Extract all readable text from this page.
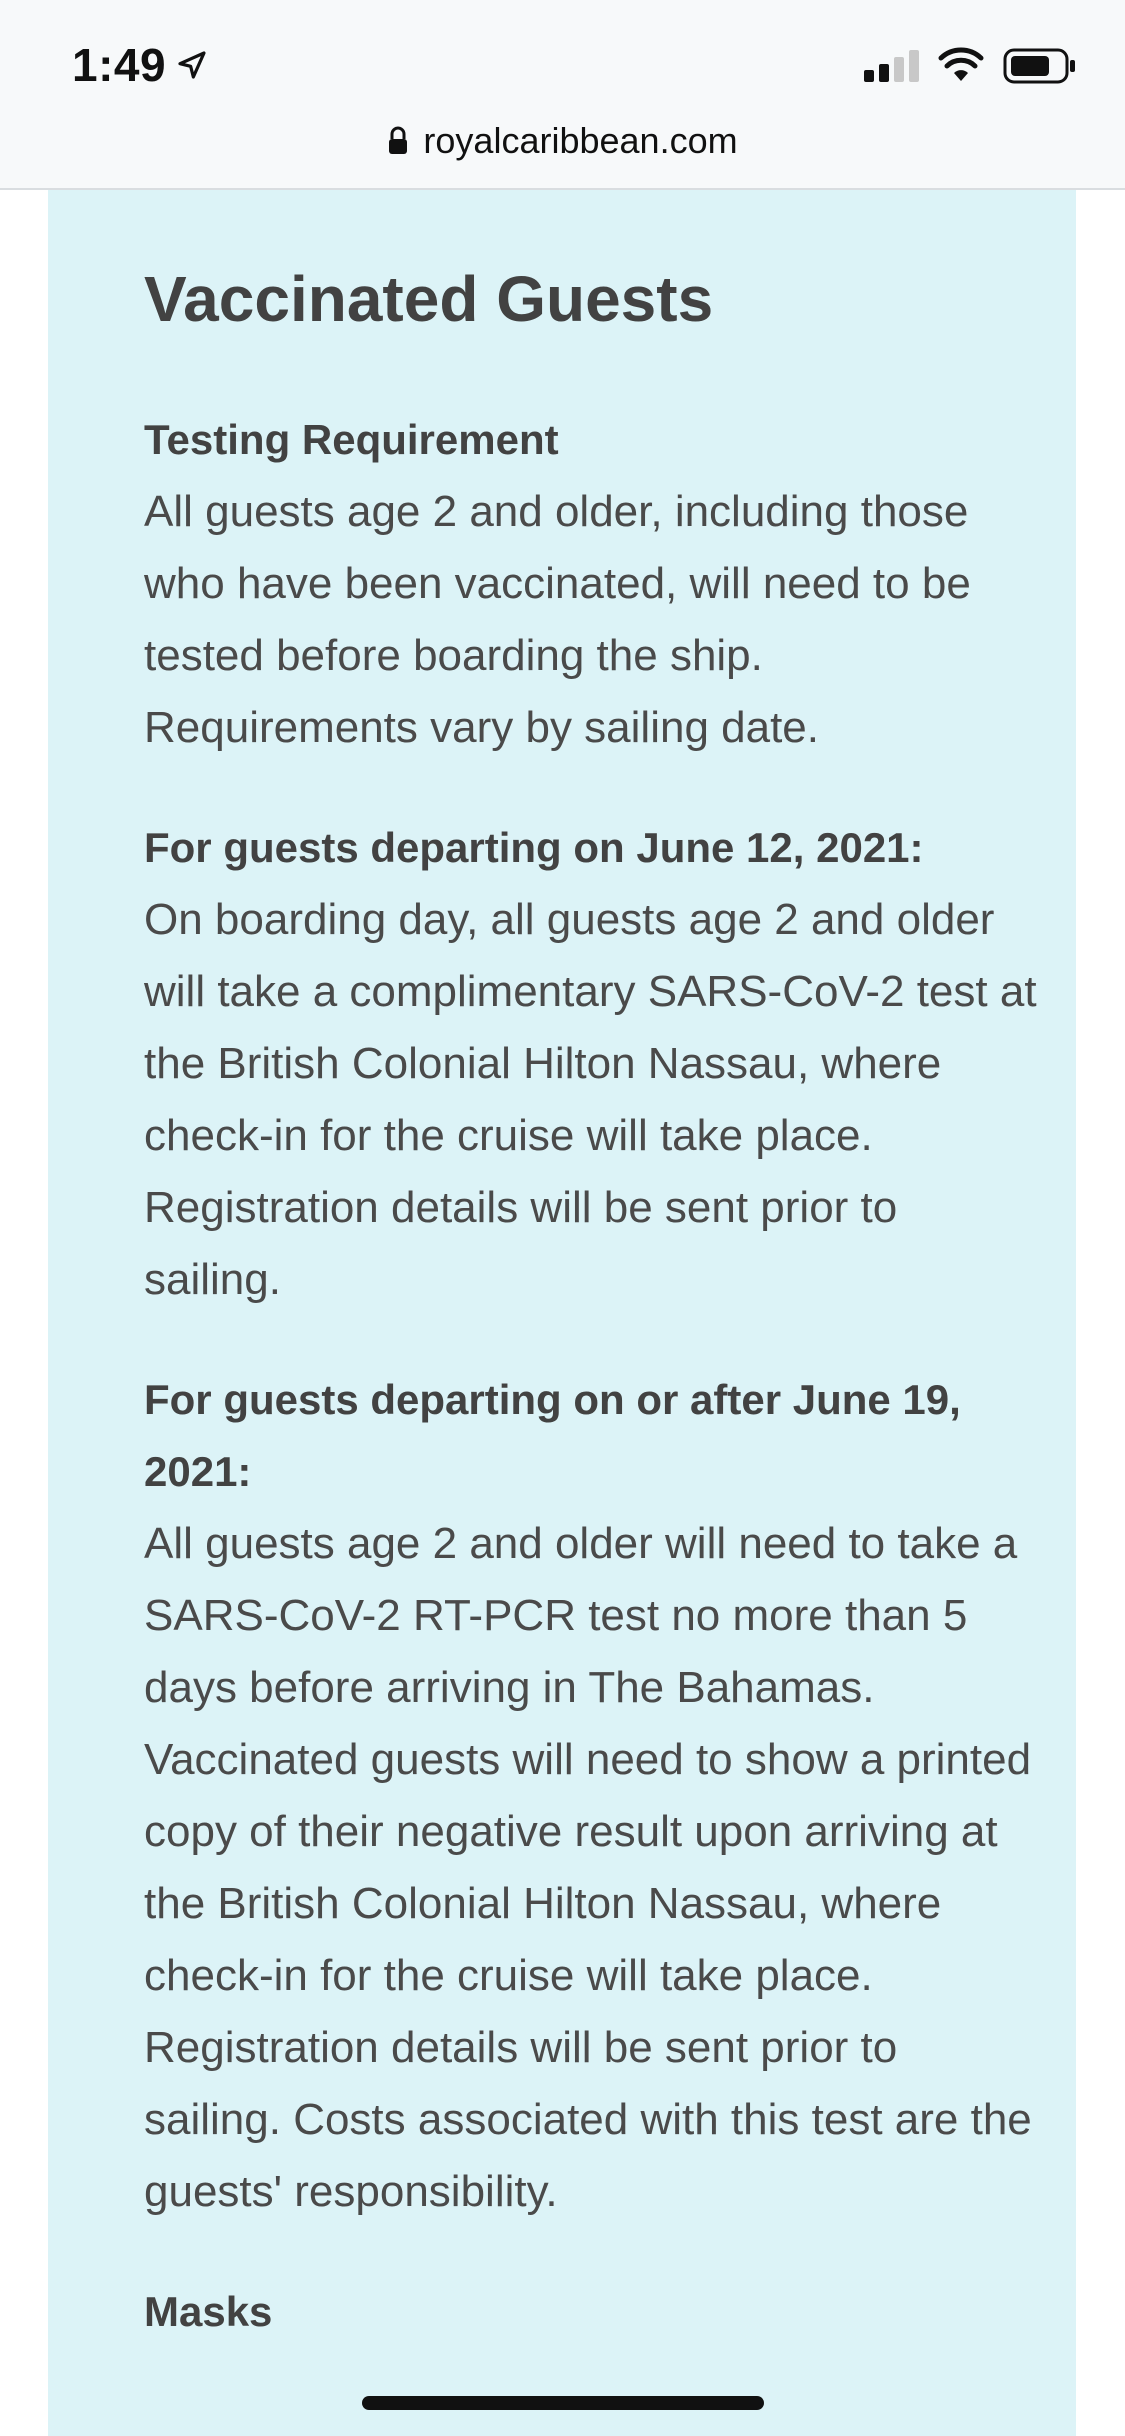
1:49
royalcaribbean.com
Vaccinated Guests
Testing Requirement
All guests age 2 and older, including those who have been vaccinated, will need to be tested before boarding the ship. Requirements vary by sailing date.
For guests departing on June 12, 2021:
On boarding day, all guests age 2 and older will take a complimentary SARS-CoV-2 test at the British Colonial Hilton Nassau, where check-in for the cruise will take place. Registration details will be sent prior to sailing.
For guests departing on or after June 19, 2021:
All guests age 2 and older will need to take a SARS-CoV-2 RT-PCR test no more than 5 days before arriving in The Bahamas. Vaccinated guests will need to show a printed copy of their negative result upon arriving at the British Colonial Hilton Nassau, where check-in for the cruise will take place. Registration details will be sent prior to sailing. Costs associated with this test are the guests' responsibility.
Masks
